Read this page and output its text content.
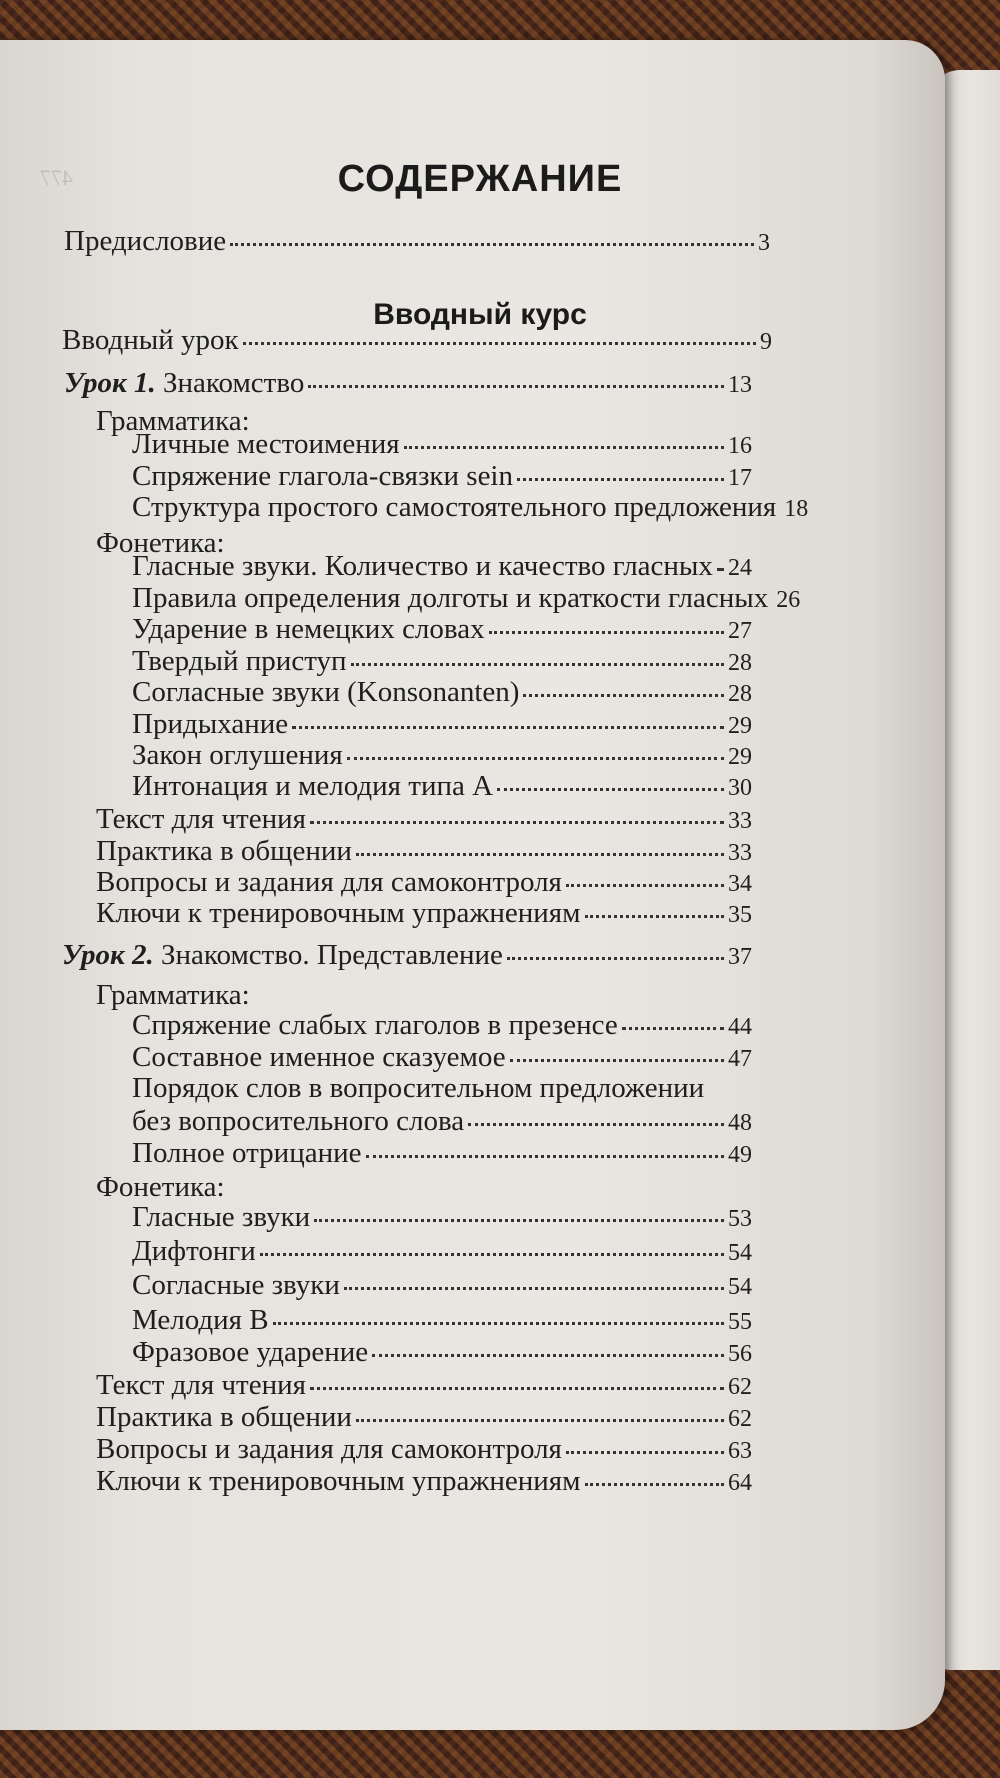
477	СОДЕРЖАНИЕ
Вводный курс
Предисловие	3
Вводный урок	9
Урок 1. Знакомство	13
Грамматика:
Личные местоимения	16
Спряжение глагола-связки sein	17
Структура простого самостоятельного предложения 18
Фонетика:
Гласные звуки. Количество и качество гласных 24
Правила определения долготы и краткости гласных 26
Ударение в немецких словах	27
Твердый приступ	28
Согласные звуки (Konsonanten)	28
Придыхание	29
Закон оглушения	29
Интонация и мелодия типа А	30
Текст для чтения	33
Практика в общении	33
Вопросы и задания для самоконтроля	34
Ключи к тренировочным упражнениям	35
Урок 2. Знакомство. Представление	37
Грамматика:
Спряжение слабых глаголов в презенсе	44
Составное именное сказуемое	47
Порядок слов в вопросительном предложении
без вопросительного слова	48
Полное отрицание	49
Фонетика:
Гласные звуки	53
Дифтонги	54
Согласные звуки	54
Мелодия В	55
Фразовое ударение	56
Текст для чтения	62
Практика в общении	62
Вопросы и задания для самоконтроля	63
Ключи к тренировочным упражнениям	64
